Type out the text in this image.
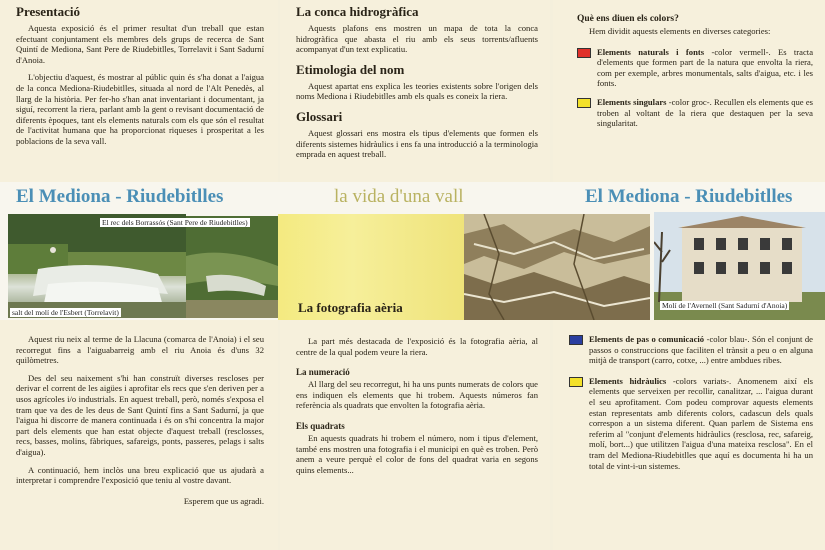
Presentació

Aquesta exposició és el primer resultat d'un treball que estan efectuant conjuntament els membres dels grups de recerca de Sant Quintí de Mediona, Sant Pere de Riudebitlles, Torrelavit i Sant Sadurní d'Anoia.

L'objectiu d'aquest, és mostrar al públic quin és s'ha donat a l'aigua de la conca Mediona-Riudebitlles, situada al nord de l'Alt Penedès, al llarg de la història. Per fer-ho s'han anat inventariant i documentant, ja siguí, recorrent la riera, parlant amb la gent o revisant documentació de diferents èpoques, tant els elements naturals com els que són el resultat de l'activitat humana que ha proporcionat riqueses i prosperitat a les poblacions de la seva vall.

La conca hidrogràfica

Aquests plafons ens mostren un mapa de tota la conca hidrogràfica que abasta el riu amb els seus torrents/afluents acompanyat d'un text explicatiu.

Etimologia del nom

Aquest apartat ens explica les teories existents sobre l'origen dels noms Mediona i Riudebitlles amb els quals es coneix la riera.

Glossari

Aquest glossari ens mostra els tipus d'elements que formen els diferents sistemes hidràulics i ens fa una introducció a la terminologia emprada en aquest treball.

Què ens diuen els colors?

Hem dividit aquests elements en diverses categories:

Elements naturals i fonts -color vermell-. Es tracta d'elements que formen part de la natura que envolta la riera, com per exemple, arbres monumentals, salts d'aigua, etc. i les fonts.

Elements singulars -color groc-. Recullen els elements que es troben al voltant de la riera que destaquen per la seva singularitat.

El Mediona - Riudebitlles	la vida d'una vall	El Mediona - Riudebitlles
salt del molí de l'Esbert (Torrelavit)
El rec dels Borrassós (Sant Pere de Riudebitlles)
La fotografia aèria	Molí de l'Avernell (Sant Sadurní d'Anoia)

Aquest riu neix al terme de la Llacuna (comarca de l'Anoia) i el seu recorregut fins a l'aiguabarreig amb el riu Anoia és d'uns 32 quilòmetres.

Des del seu naixement s'hi han construït diverses rescloses per derivar el corrent de les aigües i aprofitar els recs que s'en deriven per a usos agrícoles i/o industrials. En aquest treball, però, només s'exposa el tram que va des de les deus de Sant Quintí fins a Sant Sadurní, ja que l'aigua hi discorre de manera continuada i és on s'hi concentra la major part dels elements que han estat objecte d'aquest treball (resclosses, recs, basses, molins, fàbriques, safareigs, ponts, passeres, pelags i salts d'aigua).

A continuació, hem inclòs una breu explicació que us ajudarà a interpretar i comprendre l'exposició que teniu al vostre davant.

Esperem que us agradi.

La part més destacada de l'exposició és la fotografia aèria, al centre de la qual podem veure la riera.

La numeració

Al llarg del seu recorregut, hi ha uns punts numerats de colors que ens indiquen els elements que hi trobem. Aquests números fan referència als quadrats que envolten la fotografia aèria.

Els quadrats

En aquests quadrats hi trobem el número, nom i tipus d'element, també ens mostren una fotografia i el municipi en què es troben. Però anem a veure perquè el color de fons del quadrat varia en segons quins elements...

Elements de pas o comunicació -color blau-. Són el conjunt de passos o construccions que faciliten el trànsit a peu o en alguna mitjà de transport (carro, cotxe, ...) entre ambdues ribes.

Elements hidràulics -colors variats-. Anomenem així els elements que serveixen per recollir, canalitzar, ... l'aigua durant el seu aprofitament. Com podeu comprovar aquests elements estan representats amb diferents colors, cadascun dels quals correspon a un sistema diferent. Quan parlem de Sistema ens referim al "conjunt d'elements hidràulics (resclosa, rec, safareig, molí, bort...) que utilitzen l'aigua d'una mateixa resclosa". En el tram del Mediona-Riudebitlles que aquí es documenta hi ha un total de vint-i-un sistemes.
